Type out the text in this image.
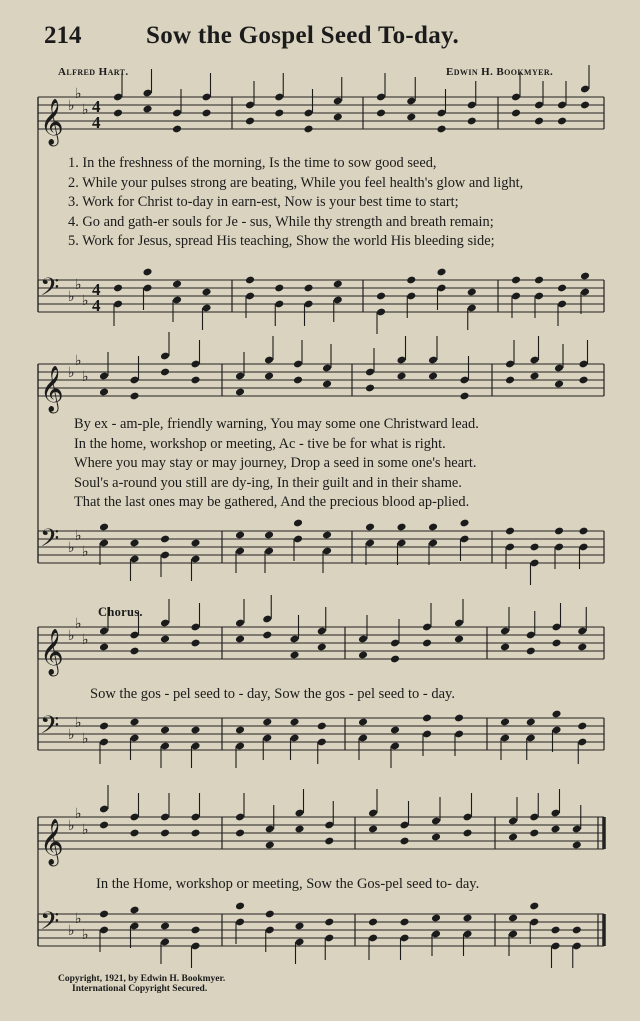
214	Sow the Gospel Seed To-day.
Alfred Hart.	Edwin H. Bookmyer.
𝄞 ♭
♭
♭ 4
4
𝄢 ♭
♭
♭
4
4
𝄞 ♭
♭
♭
𝄢 ♭
♭
♭
𝄞 ♭
♭
♭
𝄢 ♭
♭
♭
𝄞 ♭
♭
♭
𝄢 ♭
♭
♭
1. In the freshness of the morning, Is the time to sow good seed,
2. While your pulses strong are beating, While you feel health's glow and light,
3. Work for Christ to-day in earn-est, Now is your best time to start;
4. Go and gath-er souls for Je - sus, While thy strength and breath remain;
5. Work for Jesus, spread His teaching, Show the world His bleeding side;
By ex - am-ple, friendly warning, You may some one Christward lead.
In the home, workshop or meeting, Ac - tive be for what is right.
Where you may stay or may journey, Drop a seed in some one's heart.
Soul's a-round you still are dy-ing, In their guilt and in their shame.
That the last ones may be gathered, And the precious blood ap-plied.
Chorus.
Sow the gos - pel seed to - day, Sow the gos - pel seed to - day.
In the Home, workshop or meeting, Sow the Gos-pel seed to- day.
Copyright, 1921, by Edwin H. Bookmyer.
International Copyright Secured.
